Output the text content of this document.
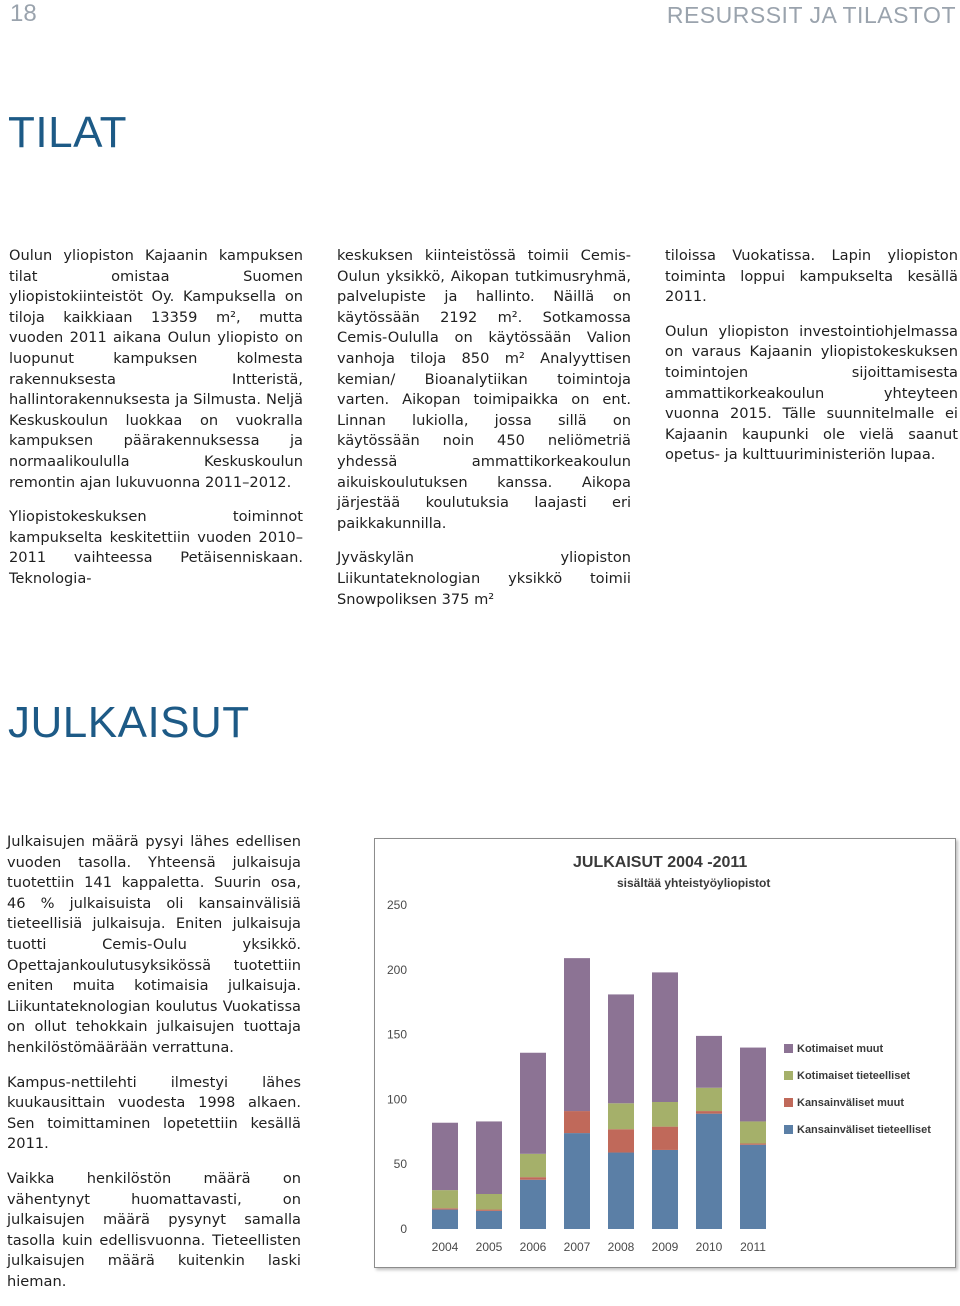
18	RESURSSIT JA TILASTOT
TILAT

Oulun yliopiston Kajaanin kampuksen tilat omistaa Suomen yliopistokiinteistöt Oy. Kampuksella on tiloja kaikkiaan 13359 m², mutta vuoden 2011 aikana Oulun yliopisto on luopunut kampuksen kolmesta rakennuksesta Intteristä, hallintorakennuksesta ja Silmusta. Neljä Keskuskoulun luokkaa on vuokralla kampuksen päärakennuksessa ja normaalikoululla Keskuskoulun remontin ajan lukuvuonna 2011–2012.

Yliopistokeskuksen toiminnot kampukselta keskitettiin vuoden 2010–2011 vaihteessa Petäisenniskaan. Teknologia-

keskuksen kiinteistössä toimii Cemis-Oulun yksikkö, Aikopan tutkimusryhmä, palvelupiste ja hallinto. Näillä on käytössään 2192 m². Sotkamossa Cemis-Oululla on käytössään Valion vanhoja tiloja 850 m² Analyyttisen kemian/ Bioanalytiikan toimintoja varten. Aikopan toimipaikka on ent. Linnan lukiolla, jossa sillä on käytössään noin 450 neliömetriä yhdessä ammattikorkeakoulun aikuiskoulutuksen kanssa. Aikopa järjestää koulutuksia laajasti eri paikkakunnilla.

Jyväskylän yliopiston Liikuntateknologian yksikkö toimii Snowpoliksen 375 m²

tiloissa Vuokatissa. Lapin yliopiston toiminta loppui kampukselta kesällä 2011.

Oulun yliopiston investointiohjelmassa on varaus Kajaanin yliopistokeskuksen toimintojen sijoittamisesta ammattikorkeakoulun yhteyteen vuonna 2015. Tälle suunnitelmalle ei Kajaanin kaupunki ole vielä saanut opetus- ja kulttuuriministeriön lupaa.

JULKAISUT

Julkaisujen määrä pysyi lähes edellisen vuoden tasolla. Yhteensä julkaisuja tuotettiin 141 kappaletta. Suurin osa, 46 % julkaisuista oli kansainvälisiä tieteellisiä julkaisuja. Eniten julkaisuja tuotti Cemis-Oulu yksikkö. Opettajankoulutusyksikössä tuotettiin eniten muita kotimaisia julkaisuja. Liikuntateknologian koulutus Vuokatissa on ollut tehokkain julkaisujen tuottaja henkilöstömäärään verrattuna.

Kampus-nettilehti ilmestyi lähes kuukausittain vuodesta 1998 alkaen. Sen toimittaminen lopetettiin kesällä 2011.

Vaikka henkilöstön määrä on vähentynyt huomattavasti, on julkaisujen määrä pysynyt samalla tasolla kuin edellisvuonna. Tieteellisten julkaisujen määrä kuitenkin laski hieman.

JULKAISUT 2004 -2011
sisältää yhteistyöyliopistot
0
50
100
150
200
250
2004 2005 2006 2007 2008 2009 2010 2011
Kotimaiset muut
Kotimaiset tieteelliset
Kansainväliset muut
Kansainväliset tieteelliset
